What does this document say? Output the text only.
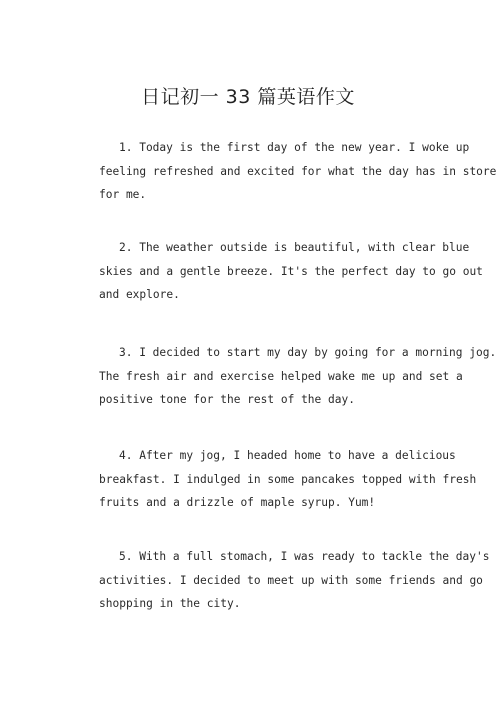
日记初一 33 篇英语作文
1. Today is the first day of the new year. I woke up
feeling refreshed and excited for what the day has in store
for me.
2. The weather outside is beautiful, with clear blue
skies and a gentle breeze. It's the perfect day to go out
and explore.
3. I decided to start my day by going for a morning jog.
The fresh air and exercise helped wake me up and set a
positive tone for the rest of the day.
4. After my jog, I headed home to have a delicious
breakfast. I indulged in some pancakes topped with fresh
fruits and a drizzle of maple syrup. Yum!
5. With a full stomach, I was ready to tackle the day's
activities. I decided to meet up with some friends and go
shopping in the city.
